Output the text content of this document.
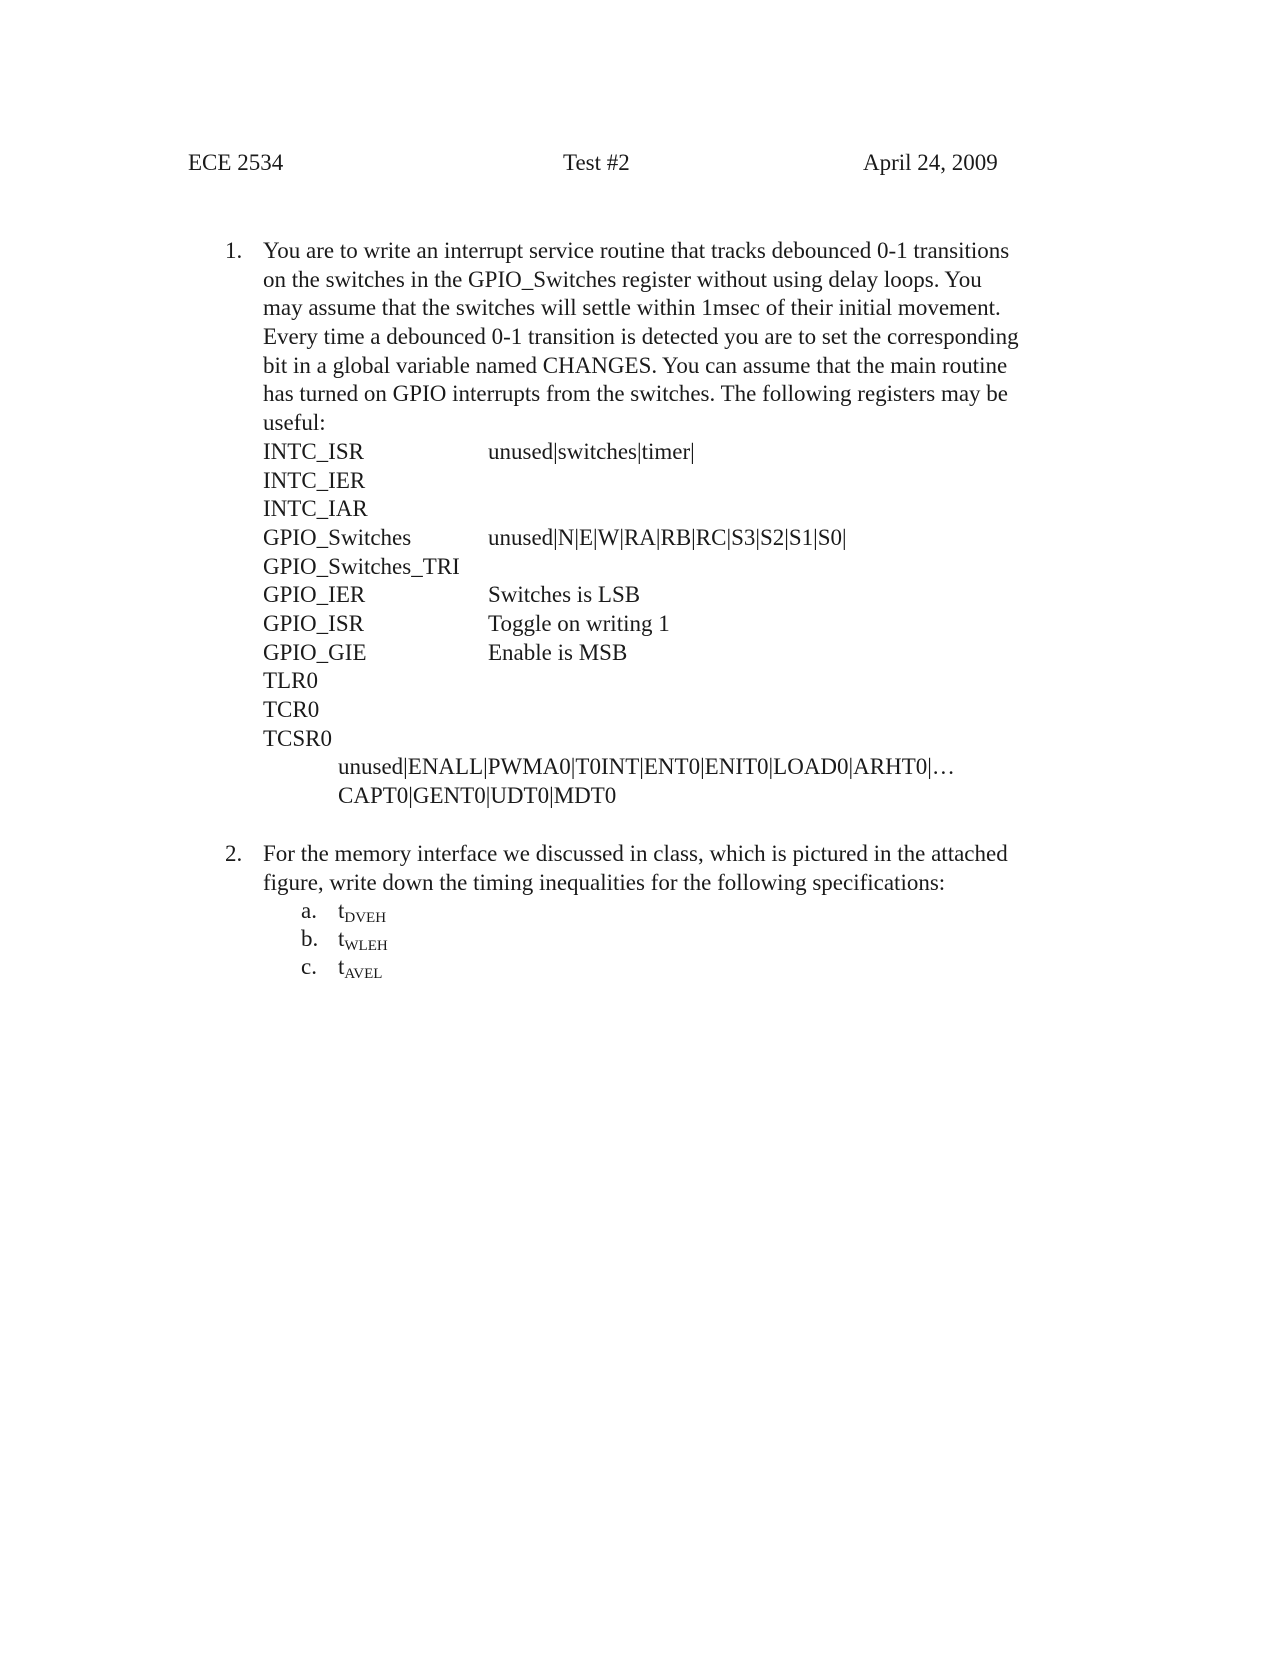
ECE 2534	Test #2	April 24, 2009
1. You are to write an interrupt service routine that tracks debounced 0-1 transitions
on the switches in the GPIO_Switches register without using delay loops. You
may assume that the switches will settle within 1msec of their initial movement.
Every time a debounced 0-1 transition is detected you are to set the corresponding
bit in a global variable named CHANGES. You can assume that the main routine
has turned on GPIO interrupts from the switches. The following registers may be
useful:
INTC_ISR	unused|switches|timer|
INTC_IER
INTC_IAR
GPIO_Switches	unused|N|E|W|RA|RB|RC|S3|S2|S1|S0|
GPIO_Switches_TRI
GPIO_IER	Switches is LSB
GPIO_ISR	Toggle on writing 1
GPIO_GIE	Enable is MSB
TLR0
TCR0
TCSR0
unused|ENALL|PWMA0|T0INT|ENT0|ENIT0|LOAD0|ARHT0|…
CAPT0|GENT0|UDT0|MDT0
2. For the memory interface we discussed in class, which is pictured in the attached
figure, write down the timing inequalities for the following specifications:
a. $t_{DVEH}$
b. $t_{WLEH}$
c. $t_{AVEL}$
